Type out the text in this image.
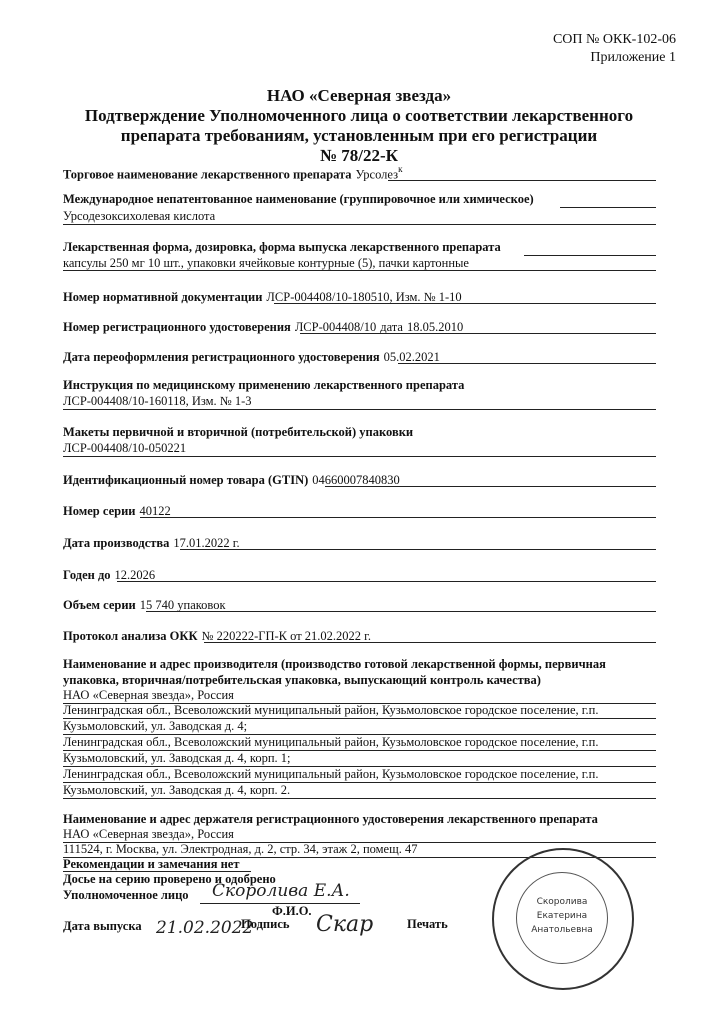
СОП № ОКК-102-06
Приложение 1
НАО «Северная звезда»
Подтверждение Уполномоченного лица о соответствии лекарственного
препарата требованиям, установленным при его регистрации
№ 78/22-К
Торговое наименование лекарственного препарата Урсолез$^к$
Международное непатентованное наименование (группировочное или химическое)
Урсодезоксихолевая кислота
Лекарственная форма, дозировка, форма выпуска лекарственного препарата
капсулы 250 мг 10 шт., упаковки ячейковые контурные (5), пачки картонные
Номер нормативной документации ЛСР-004408/10-180510, Изм. № 1-10
Номер регистрационного удостоверения ЛСР-004408/10 дата 18.05.2010
Дата переоформления регистрационного удостоверения 05.02.2021
Инструкция по медицинскому применению лекарственного препарата
ЛСР-004408/10-160118, Изм. № 1-3
Макеты первичной и вторичной (потребительской) упаковки
ЛСР-004408/10-050221
Идентификационный номер товара (GTIN) 04660007840830
Номер серии 40122
Дата производства 17.01.2022 г.
Годен до 12.2026
Объем серии 15 740 упаковок
Протокол анализа ОКК № 220222-ГП-К от 21.02.2022 г.
Наименование и адрес производителя (производство готовой лекарственной формы, первичная
упаковка, вторичная/потребительская упаковка, выпускающий контроль качества)
НАО «Северная звезда», Россия
Ленинградская обл., Всеволожский муниципальный район, Кузьмоловское городское поселение, г.п.
Кузьмоловский, ул. Заводская д. 4;
Ленинградская обл., Всеволожский муниципальный район, Кузьмоловское городское поселение, г.п.
Кузьмоловский, ул. Заводская д. 4, корп. 1;
Ленинградская обл., Всеволожский муниципальный район, Кузьмоловское городское поселение, г.п.
Кузьмоловский, ул. Заводская д. 4, корп. 2.
Наименование и адрес держателя регистрационного удостоверения лекарственного препарата
НАО «Северная звезда», Россия
111524, г. Москва, ул. Электродная, д. 2, стр. 34, этаж 2, помещ. 47
Рекомендации и замечания нет
Досье на серию проверено и одобрено
Уполномоченное лицо Скоролива Е.А.
Ф.И.О.
Дата выпуска 21.02.2022
Подпись Скар	Печать
Скоролива
Екатерина
Анатольевна
